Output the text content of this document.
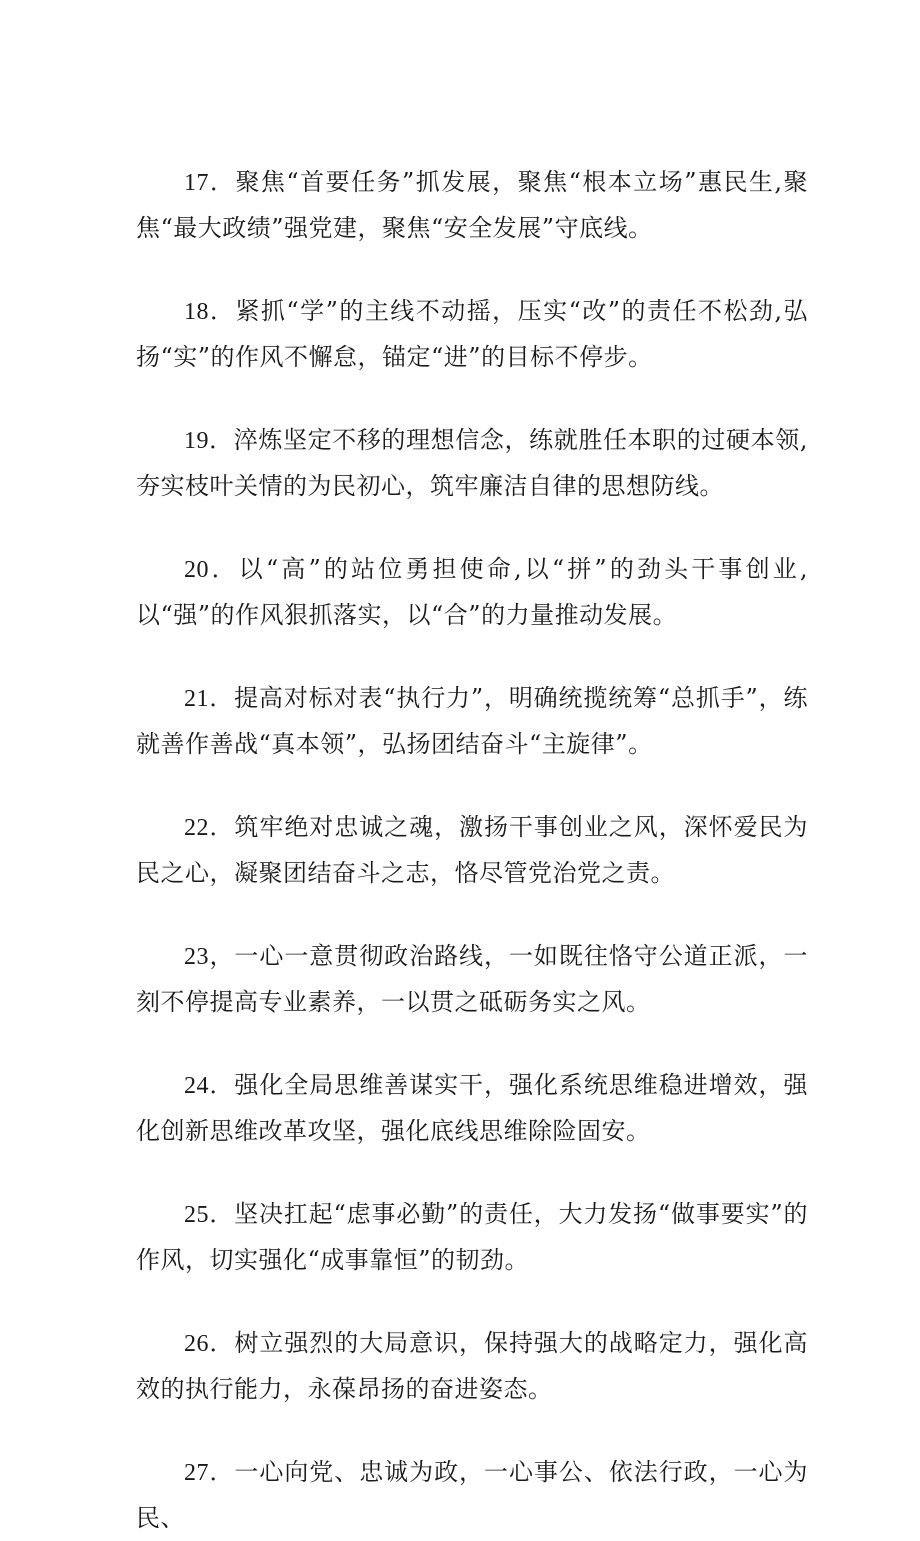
17．聚焦“首要任务”抓发展，聚焦“根本立场”惠民生,聚焦“最大政绩”强党建，聚焦“安全发展”守底线。

18．紧抓“学”的主线不动摇，压实“改”的责任不松劲,弘扬“实”的作风不懈怠，锚定“进”的目标不停步。

19．淬炼坚定不移的理想信念，练就胜任本职的过硬本领,夯实枝叶关情的为民初心，筑牢廉洁自律的思想防线。

20．以“高”的站位勇担使命,以“拼”的劲头干事创业,以“强”的作风狠抓落实，以“合”的力量推动发展。

21．提高对标对表“执行力”，明确统揽统筹“总抓手”，练就善作善战“真本领”，弘扬团结奋斗“主旋律”。

22．筑牢绝对忠诚之魂，激扬干事创业之风，深怀爱民为民之心，凝聚团结奋斗之志，恪尽管党治党之责。

23，一心一意贯彻政治路线，一如既往恪守公道正派，一刻不停提高专业素养，一以贯之砥砺务实之风。

24．强化全局思维善谋实干，强化系统思维稳进增效，强化创新思维改革攻坚，强化底线思维除险固安。

25．坚决扛起“虑事必勤”的责任，大力发扬“做事要实”的作风，切实强化“成事靠恒”的韧劲。

26．树立强烈的大局意识，保持强大的战略定力，强化高效的执行能力，永葆昂扬的奋进姿态。

27．一心向党、忠诚为政，一心事公、依法行政，一心为民、
